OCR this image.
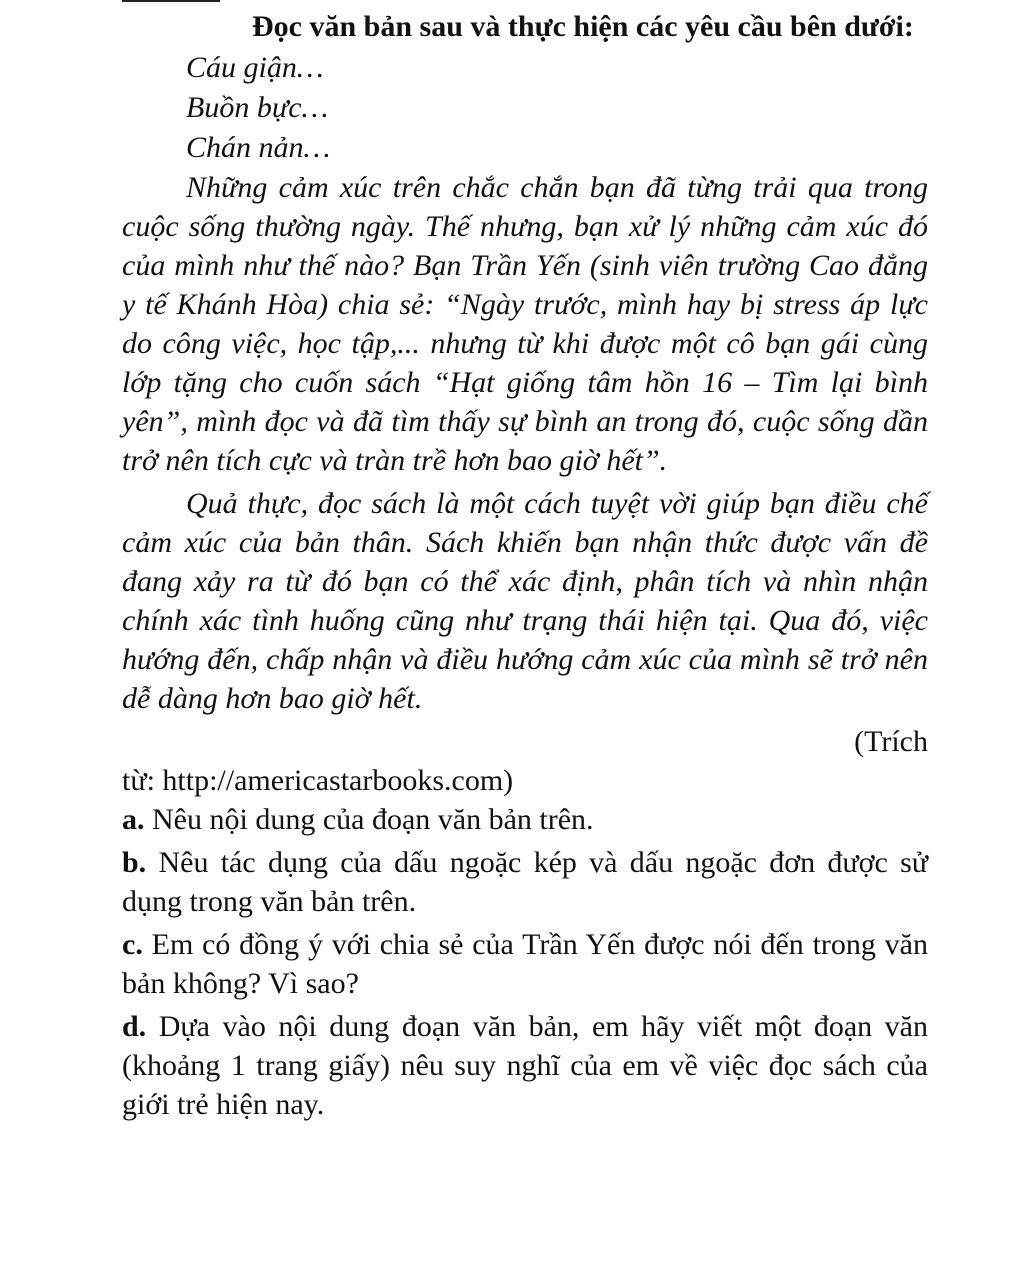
Đọc văn bản sau và thực hiện các yêu cầu bên dưới:

Cáu giận…

Buồn bực…

Chán nản…

Những cảm xúc trên chắc chắn bạn đã từng trải qua trong cuộc sống thường ngày. Thế nhưng, bạn xử lý những cảm xúc đó của mình như thế nào? Bạn Trần Yến (sinh viên trường Cao đẳng y tế Khánh Hòa) chia sẻ: “Ngày trước, mình hay bị stress áp lực do công việc, học tập,... nhưng từ khi được một cô bạn gái cùng lớp tặng cho cuốn sách “Hạt giống tâm hồn 16 – Tìm lại bình yên”, mình đọc và đã tìm thấy sự bình an trong đó, cuộc sống dần trở nên tích cực và tràn trề hơn bao giờ hết”.

Quả thực, đọc sách là một cách tuyệt vời giúp bạn điều chế cảm xúc của bản thân. Sách khiến bạn nhận thức được vấn đề đang xảy ra từ đó bạn có thể xác định, phân tích và nhìn nhận chính xác tình huống cũng như trạng thái hiện tại. Qua đó, việc hướng đến, chấp nhận và điều hướng cảm xúc của mình sẽ trở nên dễ dàng hơn bao giờ hết.

(Trích

từ: http://americastarbooks.com)

a. Nêu nội dung của đoạn văn bản trên.

b. Nêu tác dụng của dấu ngoặc kép và dấu ngoặc đơn được sử dụng trong văn bản trên.

c. Em có đồng ý với chia sẻ của Trần Yến được nói đến trong văn bản không? Vì sao?

d. Dựa vào nội dung đoạn văn bản, em hãy viết một đoạn văn (khoảng 1 trang giấy) nêu suy nghĩ của em về việc đọc sách của giới trẻ hiện nay.
